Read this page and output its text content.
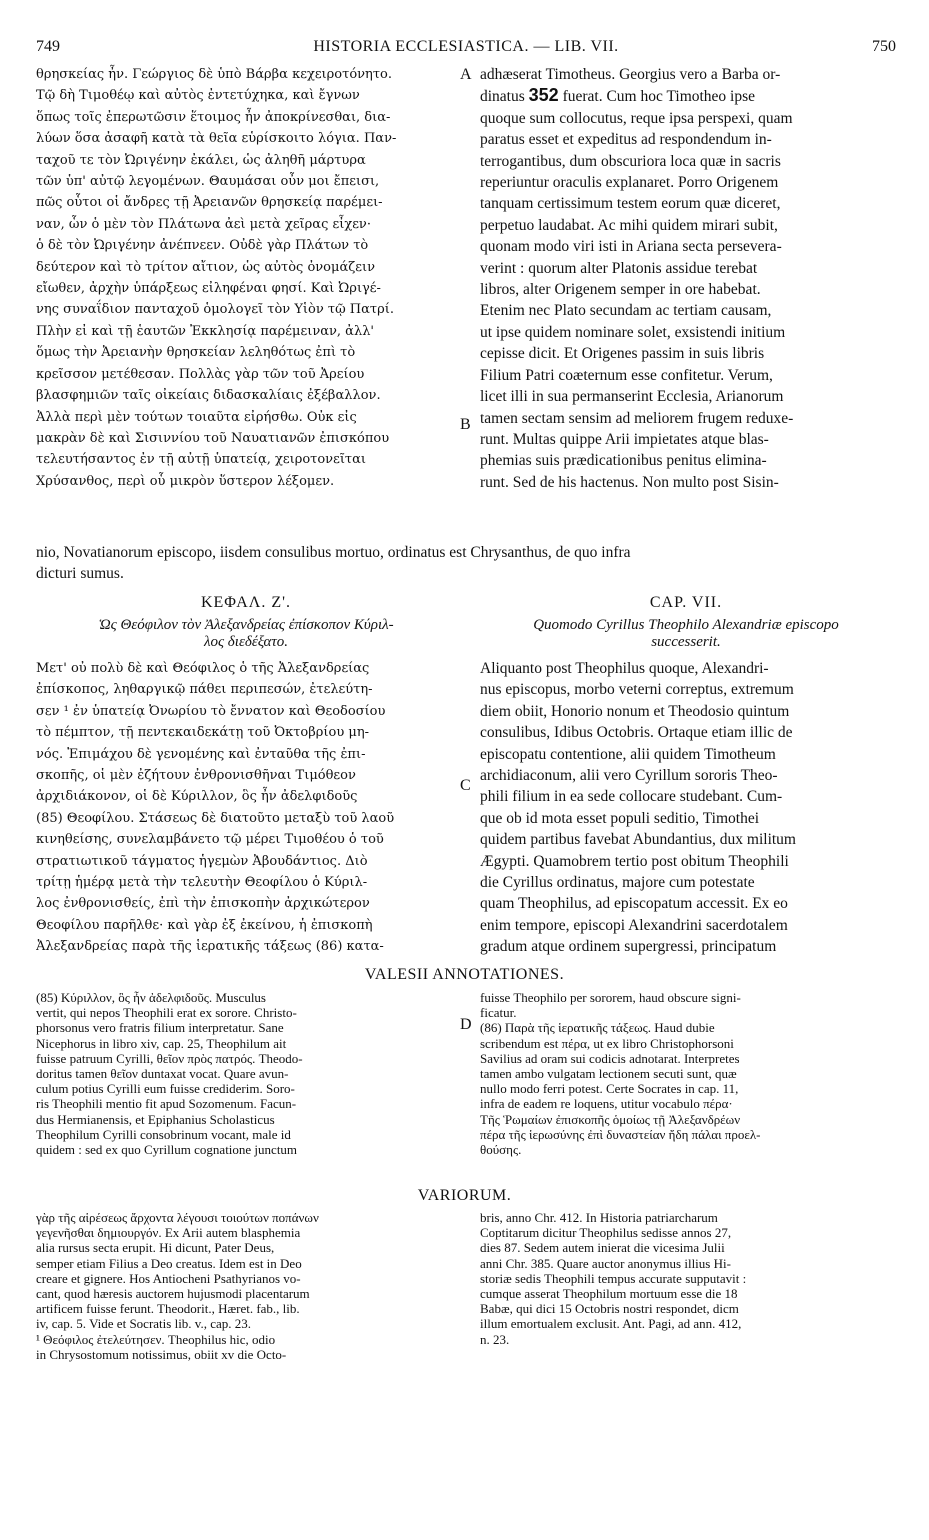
749	HISTORIA ECCLESIASTICA. — LIB. VII.	750
θρησκείας ἦν. Γεώργιος δὲ ὑπὸ Βάρβα κεχειροτόνητο.
Τῷ δὴ Τιμοθέῳ καὶ αὐτὸς ἐντετύχηκα, καὶ ἔγνων
ὅπως τοῖς ἐπερωτῶσιν ἕτοιμος ἦν ἀποκρίνεσθαι, δια-
λύων ὅσα ἀσαφῆ κατὰ τὰ θεῖα εὑρίσκοιτο λόγια. Παν-
ταχοῦ τε τὸν Ὠριγένην ἐκάλει, ὡς ἀληθῆ μάρτυρα
τῶν ὑπ' αὐτῷ λεγομένων. Θαυμάσαι οὖν μοι ἔπεισι,
πῶς οὗτοι οἱ ἄνδρες τῇ Ἀρειανῶν θρησκείᾳ παρέμει-
ναν, ὧν ὁ μὲν τὸν Πλάτωνα ἀεὶ μετὰ χεῖρας εἶχεν·
ὁ δὲ τὸν Ὠριγένην ἀνέπνεεν. Οὐδὲ γὰρ Πλάτων τὸ
δεύτερον καὶ τὸ τρίτον αἴτιον, ὡς αὐτὸς ὀνομάζειν
εἴωθεν, ἀρχὴν ὑπάρξεως εἰληφέναι φησί. Καὶ Ὠριγέ-
νης συναΐδιον πανταχοῦ ὁμολογεῖ τὸν Υἱὸν τῷ Πατρί.
Πλὴν εἰ καὶ τῇ ἑαυτῶν Ἐκκλησίᾳ παρέμειναν, ἀλλ'
ὅμως τὴν Ἀρειανὴν θρησκείαν λεληθότως ἐπὶ τὸ
κρεῖσσον μετέθεσαν. Πολλὰς γὰρ τῶν τοῦ Ἀρείου
βλασφημιῶν ταῖς οἰκείαις διδασκαλίαις ἐξέβαλλον.
Ἀλλὰ περὶ μὲν τούτων τοιαῦτα εἰρήσθω. Οὐκ εἰς
μακρὰν δὲ καὶ Σισιννίου τοῦ Ναυατιανῶν ἐπισκόπου
τελευτήσαντος ἐν τῇ αὐτῇ ὑπατείᾳ, χειροτονεῖται
Χρύσανθος, περὶ οὗ μικρὸν ὕστερον λέξομεν.
adhæserat Timotheus. Georgius vero a Barba or-
dinatus 352 fuerat. Cum hoc Timotheo ipse
quoque sum collocutus, reque ipsa perspexi, quam
paratus esset et expeditus ad respondendum in-
terrogantibus, dum obscuriora loca quæ in sacris
reperiuntur oraculis explanaret. Porro Origenem
tanquam certissimum testem eorum quæ diceret,
perpetuo laudabat. Ac mihi quidem mirari subit,
quonam modo viri isti in Ariana secta persevera-
verint : quorum alter Platonis assidue terebat
libros, alter Origenem semper in ore habebat.
Etenim nec Plato secundam ac tertiam causam,
ut ipse quidem nominare solet, exsistendi initium
cepisse dicit. Et Origenes passim in suis libris
Filium Patri coæternum esse confitetur. Verum,
licet illi in sua permanserint Ecclesia, Arianorum
tamen sectam sensim ad meliorem frugem reduxe-
runt. Multas quippe Arii impietates atque blas-
phemias suis prædicationibus penitus elimina-
runt. Sed de his hactenus. Non multo post Sisin-
A
B
C
D
nio, Novatianorum episcopo, iisdem consulibus mortuo, ordinatus est Chrysanthus, de quo infra
dicturi sumus.
ΚΕΦΑΛ. Ζ'.
Ὡς Θεόφιλον τὸν Ἀλεξανδρείας ἐπίσκοπον Κύριλ-
λος διεδέξατο.
CAP. VII.
Quomodo Cyrillus Theophilo Alexandriæ episcopo
successerit.
Μετ' οὐ πολὺ δὲ καὶ Θεόφιλος ὁ τῆς Ἀλεξανδρείας
ἐπίσκοπος, ληθαργικῷ πάθει περιπεσών, ἐτελεύτη-
σεν ¹ ἐν ὑπατείᾳ Ὀνωρίου τὸ ἔννατον καὶ Θεοδοσίου
τὸ πέμπτον, τῇ πεντεκαιδεκάτῃ τοῦ Ὀκτοβρίου μη-
νός. Ἐπιμάχου δὲ γενομένης καὶ ἐνταῦθα τῆς ἐπι-
σκοπῆς, οἱ μὲν ἐζήτουν ἐνθρονισθῆναι Τιμόθεον
ἀρχιδιάκονον, οἱ δὲ Κύριλλον, ὃς ἦν ἀδελφιδοῦς
(85) Θεοφίλου. Στάσεως δὲ διατοῦτο μεταξὺ τοῦ λαοῦ
κινηθείσης, συνελαμβάνετο τῷ μέρει Τιμοθέου ὁ τοῦ
στρατιωτικοῦ τάγματος ἡγεμὼν Ἀβουδάντιος. Διὸ
τρίτῃ ἡμέρᾳ μετὰ τὴν τελευτὴν Θεοφίλου ὁ Κύριλ-
λος ἐνθρονισθείς, ἐπὶ τὴν ἐπισκοπὴν ἀρχικώτερον
Θεοφίλου παρῆλθε· καὶ γὰρ ἐξ ἐκείνου, ἡ ἐπισκοπὴ
Ἀλεξανδρείας παρὰ τῆς ἱερατικῆς τάξεως (86) κατα-
Aliquanto post Theophilus quoque, Alexandri-
nus episcopus, morbo veterni correptus, extremum
diem obiit, Honorio nonum et Theodosio quintum
consulibus, Idibus Octobris. Ortaque etiam illic de
episcopatu contentione, alii quidem Timotheum
archidiaconum, alii vero Cyrillum sororis Theo-
phili filium in ea sede collocare studebant. Cum-
que ob id mota esset populi seditio, Timothei
quidem partibus favebat Abundantius, dux militum
Ægypti. Quamobrem tertio post obitum Theophili
die Cyrillus ordinatus, majore cum potestate
quam Theophilus, ad episcopatum accessit. Ex eo
enim tempore, episcopi Alexandrini sacerdotalem
gradum atque ordinem supergressi, principatum
VALESII ANNOTATIONES.
(85) Κύριλλον, ὃς ἦν ἀδελφιδοῦς. Musculus
vertit, qui nepos Theophili erat ex sorore. Christo-
phorsonus vero fratris filium interpretatur. Sane
Nicephorus in libro xiv, cap. 25, Theophilum ait
fuisse patruum Cyrilli, θεῖον πρὸς πατρός. Theodo-
doritus tamen θεῖον duntaxat vocat. Quare avun-
culum potius Cyrilli eum fuisse crediderim. Soro-
ris Theophili mentio fit apud Sozomenum. Facun-
dus Hermianensis, et Epiphanius Scholasticus
Theophilum Cyrilli consobrinum vocant, male id
quidem : sed ex quo Cyrillum cognatione junctum
fuisse Theophilo per sororem, haud obscure signi-
ficatur.
(86) Παρὰ τῆς ἱερατικῆς τάξεως. Haud dubie
scribendum est πέρα, ut ex libro Christophorsoni
Savilius ad oram sui codicis adnotarat. Interpretes
tamen ambo vulgatam lectionem secuti sunt, quæ
nullo modo ferri potest. Certe Socrates in cap. 11,
infra de eadem re loquens, utitur vocabulo πέρα·
Τῆς Ῥωμαίων ἐπισκοπῆς ὁμοίως τῇ Ἀλεξανδρέων
πέρα τῆς ἱερωσύνης ἐπὶ δυναστείαν ἤδη πάλαι προελ-
θούσης.
VARIORUM.
γὰρ τῆς αἱρέσεως ἄρχοντα λέγουσι τοιούτων ποπάνων
γεγενῆσθαι δημιουργόν. Ex Arii autem blasphemia
alia rursus secta erupit. Hi dicunt, Pater Deus,
semper etiam Filius a Deo creatus. Idem est in Deo
creare et gignere. Hos Antiocheni Psathyrianos vo-
cant, quod hæresis auctorem hujusmodi placentarum
artificem fuisse ferunt. Theodorit., Hæret. fab., lib.
iv, cap. 5. Vide et Socratis lib. v., cap. 23.
¹ Θεόφιλος ἐτελεύτησεν. Theophilus hic, odio
in Chrysostomum notissimus, obiit xv die Octo-
bris, anno Chr. 412. In Historia patriarcharum
Coptitarum dicitur Theophilus sedisse annos 27,
dies 87. Sedem autem inierat die vicesima Julii
anni Chr. 385. Quare auctor anonymus illius Hi-
storiæ sedis Theophili tempus accurate supputavit :
cumque asserat Theophilum mortuum esse die 18
Babæ, qui dici 15 Octobris nostri respondet, dicm
illum emortualem exclusit. Ant. Pagi, ad ann. 412,
n. 23.
